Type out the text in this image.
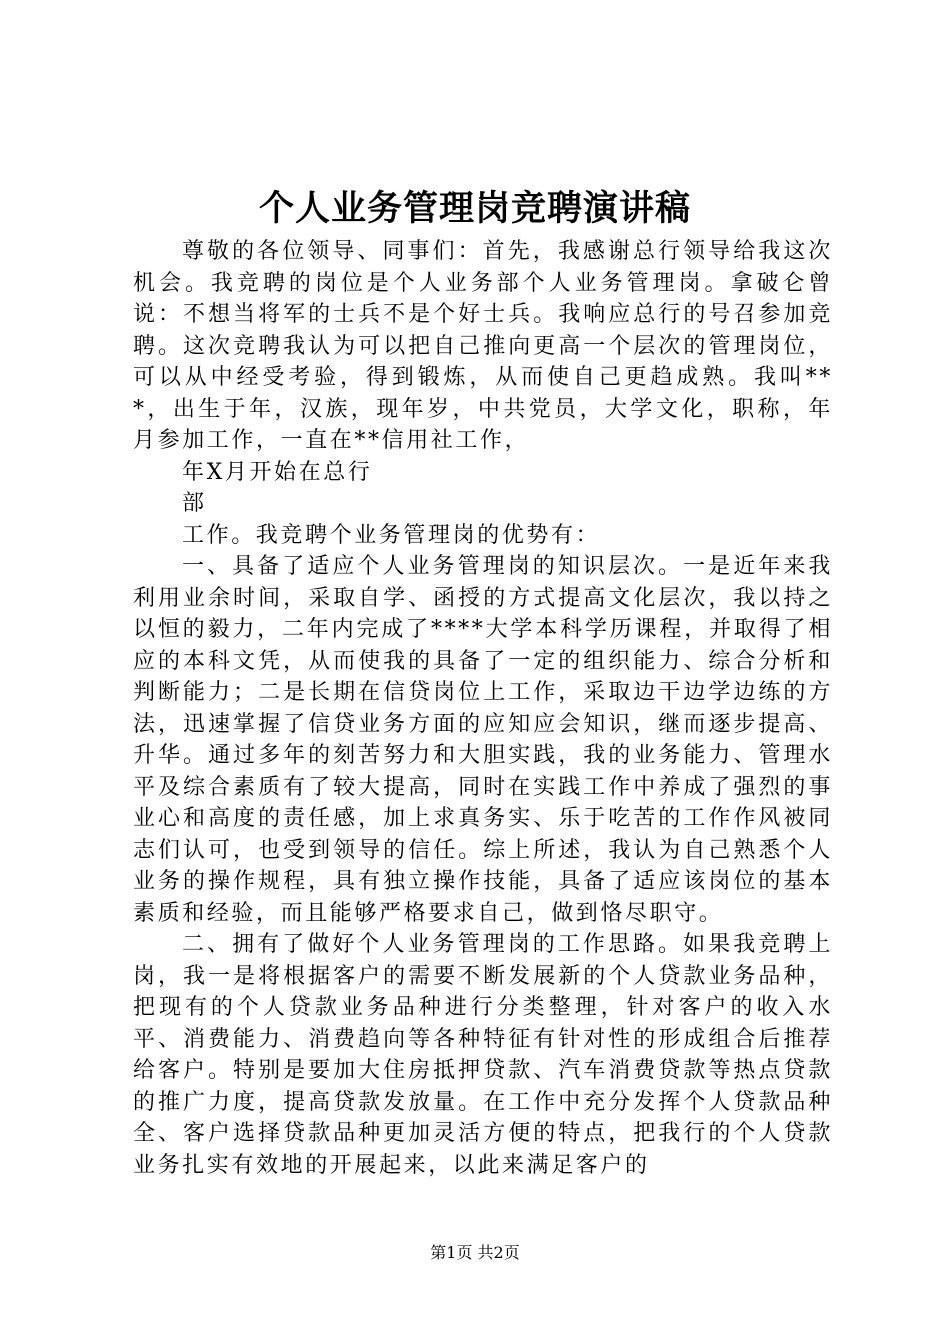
个人业务管理岗竞聘演讲稿

尊敬的各位领导、同事们：首先，我感谢总行领导给我这次机会。我竞聘的岗位是个人业务部个人业务管理岗。拿破仑曾说：不想当将军的士兵不是个好士兵。我响应总行的号召参加竞聘。这次竞聘我认为可以把自己推向更高一个层次的管理岗位，可以从中经受考验，得到锻炼，从而使自己更趋成熟。我叫***，出生于年，汉族，现年岁，中共党员，大学文化，职称，年月参加工作，一直在**信用社工作，

年X月开始在总行

部

工作。我竞聘个业务管理岗的优势有：

一、具备了适应个人业务管理岗的知识层次。一是近年来我利用业余时间，采取自学、函授的方式提高文化层次，我以持之以恒的毅力，二年内完成了****大学本科学历课程，并取得了相应的本科文凭，从而使我的具备了一定的组织能力、综合分析和判断能力；二是长期在信贷岗位上工作，采取边干边学边练的方法，迅速掌握了信贷业务方面的应知应会知识，继而逐步提高、升华。通过多年的刻苦努力和大胆实践，我的业务能力、管理水平及综合素质有了较大提高，同时在实践工作中养成了强烈的事业心和高度的责任感，加上求真务实、乐于吃苦的工作作风被同志们认可，也受到领导的信任。综上所述，我认为自己熟悉个人业务的操作规程，具有独立操作技能，具备了适应该岗位的基本素质和经验，而且能够严格要求自己，做到恪尽职守。

二、拥有了做好个人业务管理岗的工作思路。如果我竞聘上岗，我一是将根据客户的需要不断发展新的个人贷款业务品种，把现有的个人贷款业务品种进行分类整理，针对客户的收入水平、消费能力、消费趋向等各种特征有针对性的形成组合后推荐给客户。特别是要加大住房抵押贷款、汽车消费贷款等热点贷款的推广力度，提高贷款发放量。在工作中充分发挥个人贷款品种全、客户选择贷款品种更加灵活方便的特点，把我行的个人贷款业务扎实有效地的开展起来，以此来满足客户的

第1页 共2页
